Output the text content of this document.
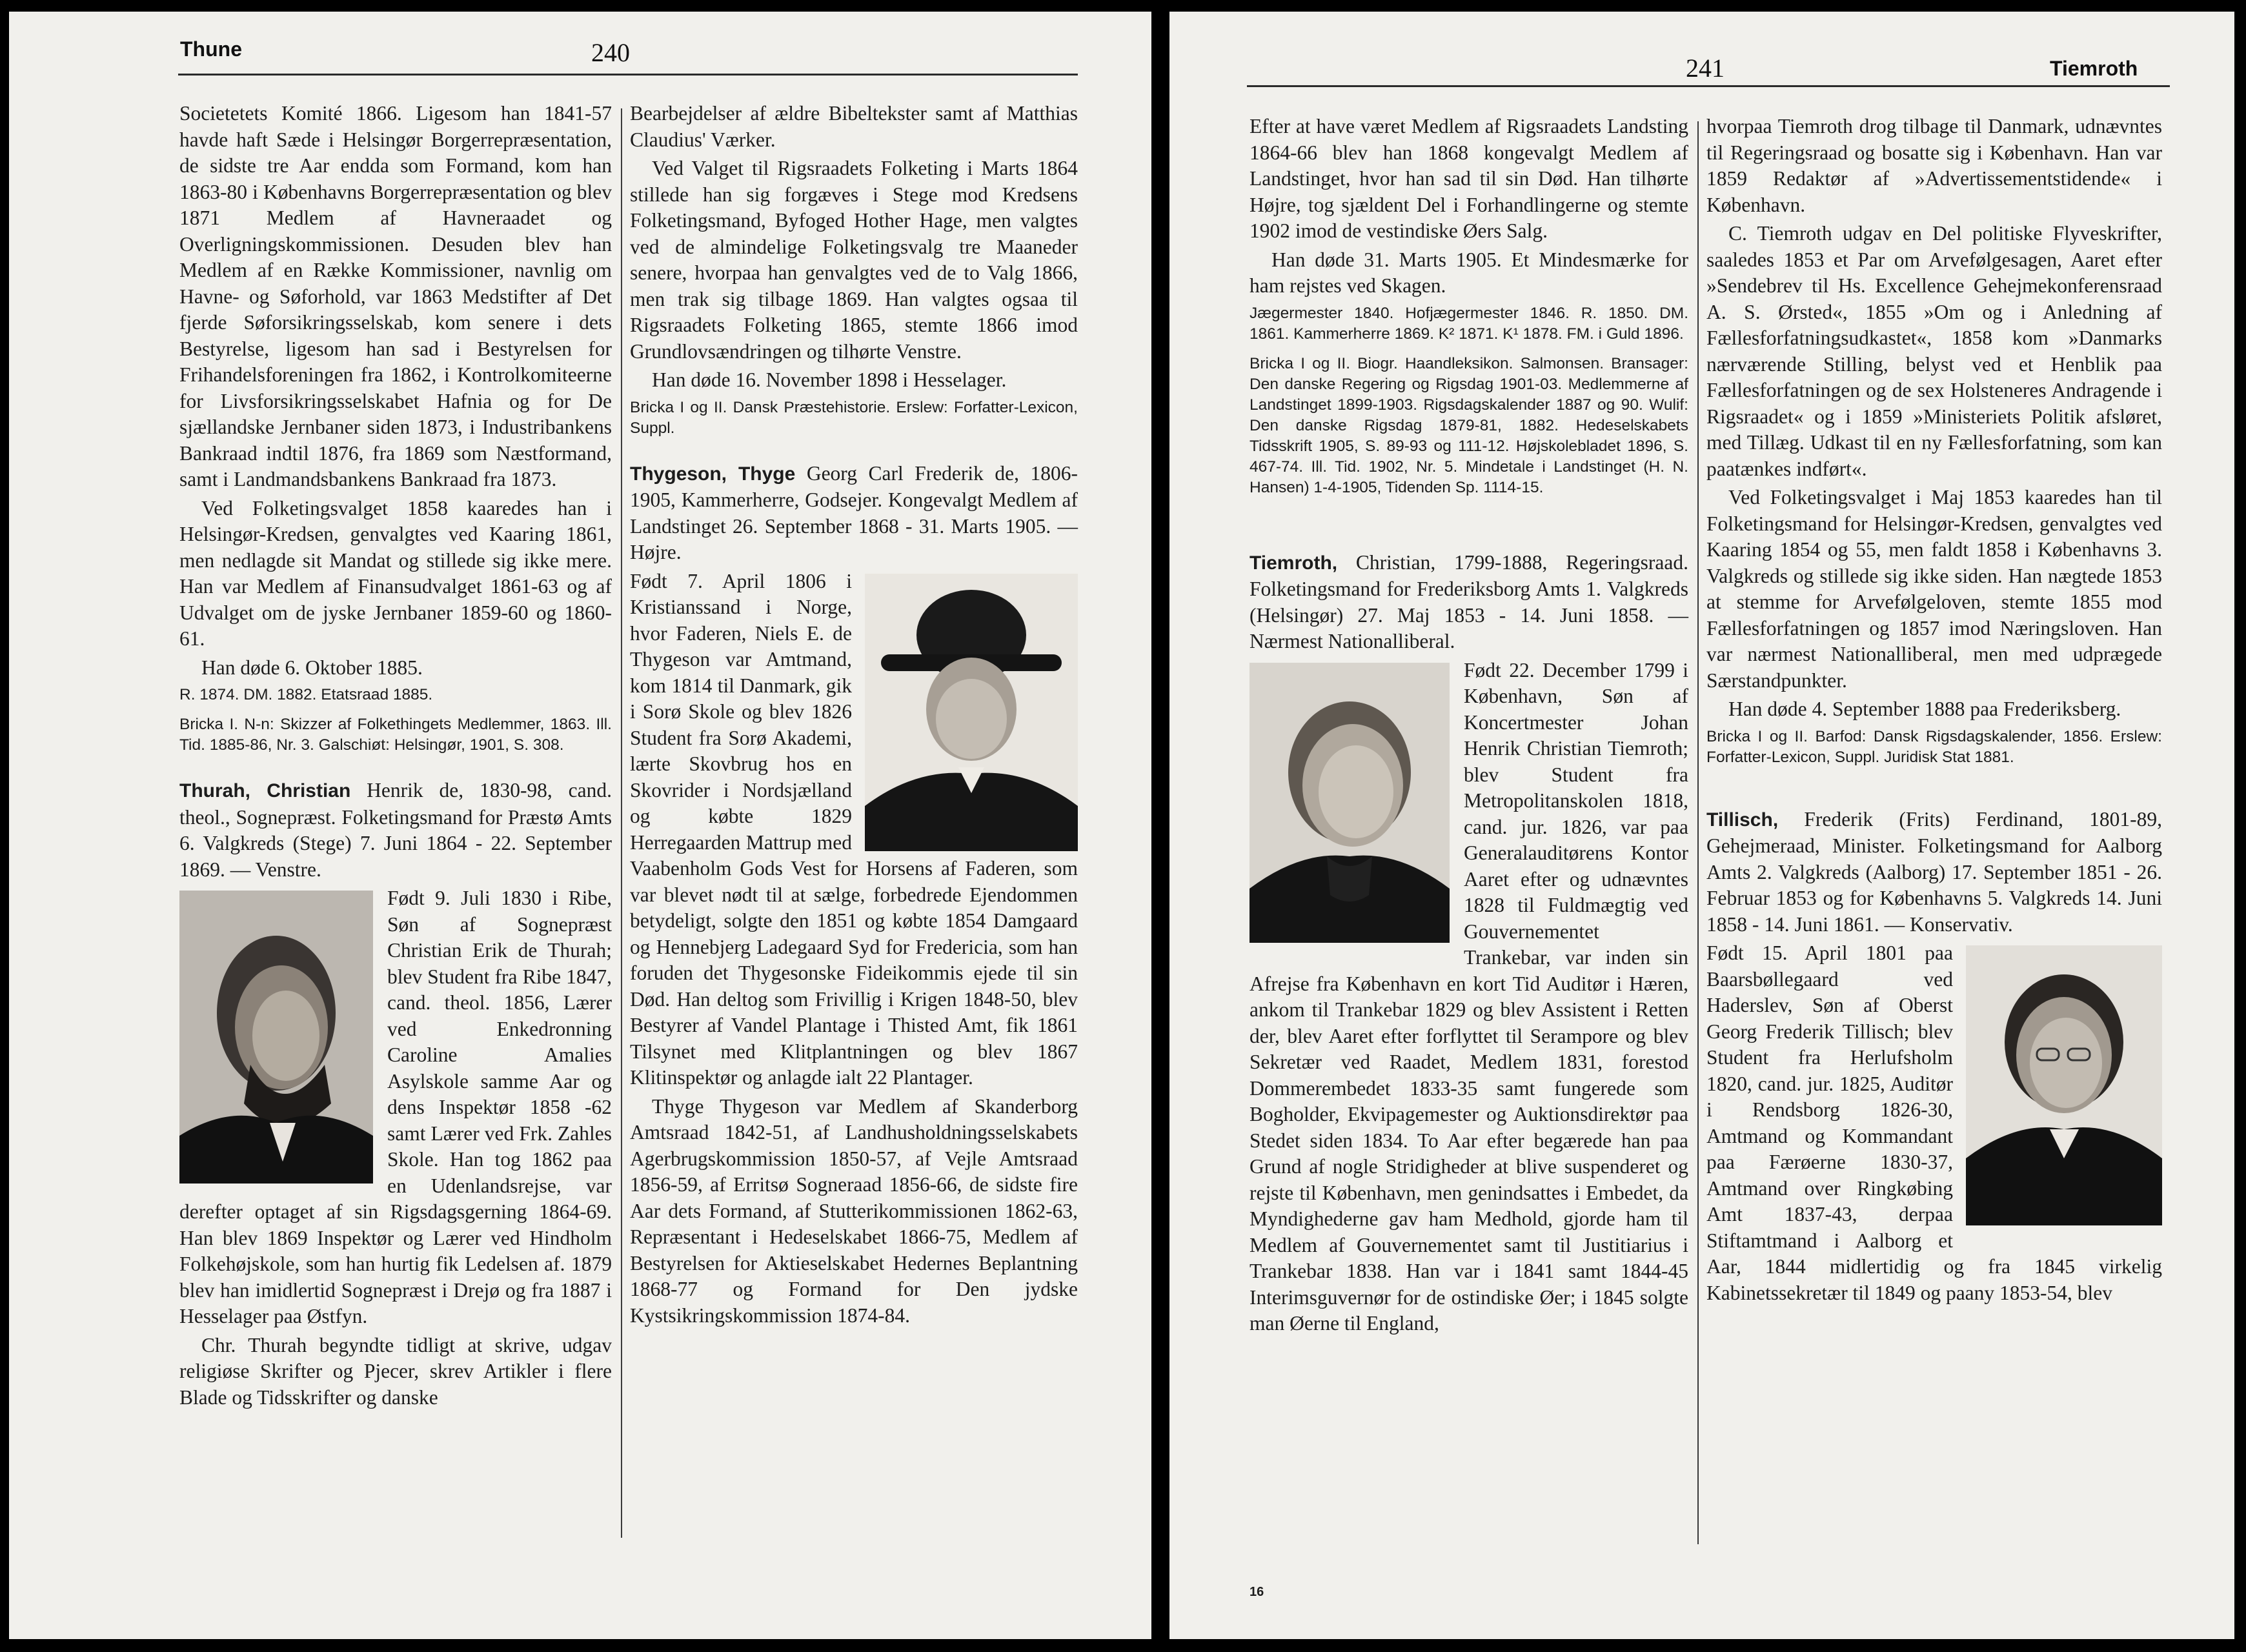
Thune	240

Societetets Komité 1866. Ligesom han 1841-57 havde haft Sæde i Helsingør Borgerrepræsentation, de sidste tre Aar endda som Formand, kom han 1863-80 i Københavns Borgerrepræsentation og blev 1871 Medlem af Havneraadet og Overligningskommissionen. Desuden blev han Medlem af en Række Kommissioner, navnlig om Havne- og Søforhold, var 1863 Medstifter af Det fjerde Søforsikringsselskab, kom senere i dets Bestyrelse, ligesom han sad i Bestyrelsen for Frihandelsforeningen fra 1862, i Kontrolkomiteerne for Livsforsikringsselskabet Hafnia og for De sjællandske Jernbaner siden 1873, i Industribankens Bankraad indtil 1876, fra 1869 som Næstformand, samt i Landmandsbankens Bankraad fra 1873.

Ved Folketingsvalget 1858 kaaredes han i Helsingør-Kredsen, genvalgtes ved Kaaring 1861, men nedlagde sit Mandat og stillede sig ikke mere. Han var Medlem af Finansudvalget 1861-63 og af Udvalget om de jyske Jernbaner 1859-60 og 1860-61.

Han døde 6. Oktober 1885.

R. 1874. DM. 1882. Etatsraad 1885.

Bricka I. N-n: Skizzer af Folkethingets Medlemmer, 1863. Ill. Tid. 1885-86, Nr. 3. Galschiøt: Helsingør, 1901, S. 308.

Thurah, Christian Henrik de, 1830-98, cand. theol., Sognepræst. Folketingsmand for Præstø Amts 6. Valgkreds (Stege) 7. Juni 1864 - 22. September 1869. — Venstre.

Født 9. Juli 1830 i Ribe, Søn af Sognepræst Christian Erik de Thurah; blev Student fra Ribe 1847, cand. theol. 1856, Lærer ved Enkedronning Caroline Amalies Asylskole samme Aar og dens Inspektør 1858 -62 samt Lærer ved Frk. Zahles Skole. Han tog 1862 paa en Udenlandsrejse, var derefter optaget af sin Rigsdagsgerning 1864-69. Han blev 1869 Inspektør og Lærer ved Hindholm Folkehøjskole, som han hurtig fik Ledelsen af. 1879 blev han imidlertid Sognepræst i Drejø og fra 1887 i Hesselager paa Østfyn.

Chr. Thurah begyndte tidligt at skrive, udgav religiøse Skrifter og Pjecer, skrev Artikler i flere Blade og Tidsskrifter og danske

Bearbejdelser af ældre Bibeltekster samt af Matthias Claudius' Værker.

Ved Valget til Rigsraadets Folketing i Marts 1864 stillede han sig forgæves i Stege mod Kredsens Folketingsmand, Byfoged Hother Hage, men valgtes ved de almindelige Folketingsvalg tre Maaneder senere, hvorpaa han genvalgtes ved de to Valg 1866, men trak sig tilbage 1869. Han valgtes ogsaa til Rigsraadets Folketing 1865, stemte 1866 imod Grundlovsændringen og tilhørte Venstre.

Han døde 16. November 1898 i Hesselager.

Bricka I og II. Dansk Præstehistorie. Erslew: Forfatter-Lexicon, Suppl.

Thygeson, Thyge Georg Carl Frederik de, 1806-1905, Kammerherre, Godsejer. Kongevalgt Medlem af Landstinget 26. September 1868 - 31. Marts 1905. — Højre.

Født 7. April 1806 i Kristianssand i Norge, hvor Faderen, Niels E. de Thygeson var Amtmand, kom 1814 til Danmark, gik i Sorø Skole og blev 1826 Student fra Sorø Akademi, lærte Skovbrug hos en Skovrider i Nordsjælland og købte 1829 Herregaarden Mattrup med Vaabenholm Gods Vest for Horsens af Faderen, som var blevet nødt til at sælge, forbedrede Ejendommen betydeligt, solgte den 1851 og købte 1854 Damgaard og Hennebjerg Ladegaard Syd for Fredericia, som han foruden det Thygesonske Fideikommis ejede til sin Død. Han deltog som Frivillig i Krigen 1848-50, blev Bestyrer af Vandel Plantage i Thisted Amt, fik 1861 Tilsynet med Klitplantningen og blev 1867 Klitinspektør og anlagde ialt 22 Plantager.

Thyge Thygeson var Medlem af Skanderborg Amtsraad 1842-51, af Landhusholdningsselskabets Agerbrugskommission 1850-57, af Vejle Amtsraad 1856-59, af Erritsø Sogneraad 1856-66, de sidste fire Aar dets Formand, af Stutterikommissionen 1862-63, Repræsentant i Hedeselskabet 1866-75, Medlem af Bestyrelsen for Aktieselskabet Hedernes Beplantning 1868-77 og Formand for Den jydske Kystsikringskommission 1874-84.

241	Tiemroth

Efter at have været Medlem af Rigsraadets Landsting 1864-66 blev han 1868 kongevalgt Medlem af Landstinget, hvor han sad til sin Død. Han tilhørte Højre, tog sjældent Del i Forhandlingerne og stemte 1902 imod de vestindiske Øers Salg.

Han døde 31. Marts 1905. Et Mindesmærke for ham rejstes ved Skagen.

Jægermester 1840. Hofjægermester 1846. R. 1850. DM. 1861. Kammerherre 1869. K² 1871. K¹ 1878. FM. i Guld 1896.

Bricka I og II. Biogr. Haandleksikon. Salmonsen. Bransager: Den danske Regering og Rigsdag 1901-03. Medlemmerne af Landstinget 1899-1903. Rigsdagskalender 1887 og 90. Wulif: Den danske Rigsdag 1879-81, 1882. Hedeselskabets Tidsskrift 1905, S. 89-93 og 111-12. Højskolebladet 1896, S. 467-74. Ill. Tid. 1902, Nr. 5. Mindetale i Landstinget (H. N. Hansen) 1-4-1905, Tidenden Sp. 1114-15.

Tiemroth, Christian, 1799-1888, Regeringsraad. Folketingsmand for Frederiksborg Amts 1. Valgkreds (Helsingør) 27. Maj 1853 - 14. Juni 1858. — Nærmest Nationalliberal.

Født 22. December 1799 i København, Søn af Koncertmester Johan Henrik Christian Tiemroth; blev Student fra Metropolitanskolen 1818, cand. jur. 1826, var paa Generalauditørens Kontor Aaret efter og udnævntes 1828 til Fuldmægtig ved Gouvernementet Trankebar, var inden sin Afrejse fra København en kort Tid Auditør i Hæren, ankom til Trankebar 1829 og blev Assistent i Retten der, blev Aaret efter forflyttet til Serampore og blev Sekretær ved Raadet, Medlem 1831, forestod Dommerembedet 1833-35 samt fungerede som Bogholder, Ekvipagemester og Auktionsdirektør paa Stedet siden 1834. To Aar efter begærede han paa Grund af nogle Stridigheder at blive suspenderet og rejste til København, men genindsattes i Embedet, da Myndighederne gav ham Medhold, gjorde ham til Medlem af Gouvernementet samt til Justitiarius i Trankebar 1838. Han var i 1841 samt 1844-45 Interimsguvernør for de ostindiske Øer; i 1845 solgte man Øerne til England,

hvorpaa Tiemroth drog tilbage til Danmark, udnævntes til Regeringsraad og bosatte sig i København. Han var 1859 Redaktør af »Advertissementstidende« i København.

C. Tiemroth udgav en Del politiske Flyveskrifter, saaledes 1853 et Par om Arvefølgesagen, Aaret efter »Sendebrev til Hs. Excellence Gehejmekonferensraad A. S. Ørsted«, 1855 »Om og i Anledning af Fællesforfatningsudkastet«, 1858 kom »Danmarks nærværende Stilling, belyst ved et Henblik paa Fællesforfatningen og de sex Holsteneres Andragende i Rigsraadet« og i 1859 »Ministeriets Politik afsløret, med Tillæg. Udkast til en ny Fællesforfatning, som kan paatænkes indført«.

Ved Folketingsvalget i Maj 1853 kaaredes han til Folketingsmand for Helsingør-Kredsen, genvalgtes ved Kaaring 1854 og 55, men faldt 1858 i Københavns 3. Valgkreds og stillede sig ikke siden. Han nægtede 1853 at stemme for Arvefølgeloven, stemte 1855 mod Fællesforfatningen og 1857 imod Næringsloven. Han var nærmest Nationalliberal, men med udprægede Særstandpunkter.

Han døde 4. September 1888 paa Frederiksberg.

Bricka I og II. Barfod: Dansk Rigsdagskalender, 1856. Erslew: Forfatter-Lexicon, Suppl. Juridisk Stat 1881.

Tillisch, Frederik (Frits) Ferdinand, 1801-89, Gehejmeraad, Minister. Folketingsmand for Aalborg Amts 2. Valgkreds (Aalborg) 17. September 1851 - 26. Februar 1853 og for Københavns 5. Valgkreds 14. Juni 1858 - 14. Juni 1861. — Konservativ.

Født 15. April 1801 paa Baarsbøllegaard ved Haderslev, Søn af Oberst Georg Frederik Tillisch; blev Student fra Herlufsholm 1820, cand. jur. 1825, Auditør i Rendsborg 1826-30, Amtmand og Kommandant paa Færøerne 1830-37, Amtmand over Ringkøbing Amt 1837-43, derpaa Stiftamtmand i Aalborg et Aar, 1844 midlertidig og fra 1845 virkelig Kabinetssekretær til 1849 og paany 1853-54, blev

16
